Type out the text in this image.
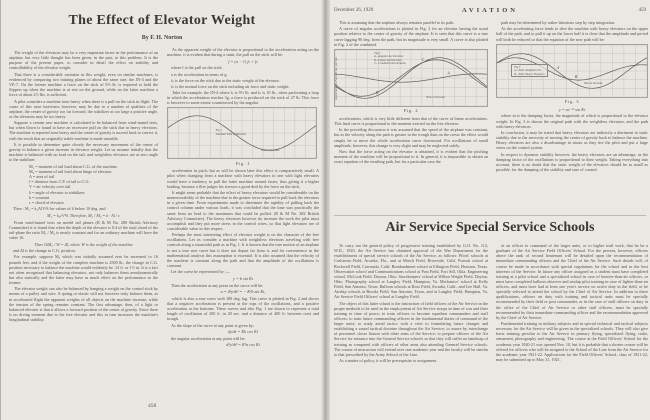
The Effect of Elevator Weight
By F. H. Norton

The weight of the elevators may be a very important factor in the performance of an airplane, but very little thought has been given, in the past, to this problem. It is the purpose of the present paper, to consider in detail the effect on stability and controllability of the elevator weight.

That there is a considerable variation in this weight, even on similar machines, is evidenced by comparing two training planes of about the same size, the JN-4 and the VE-7. On the former machine a force on the stick of 9½ lb. is required to hold the flippers up when the machine is at rest on the ground, while on the latter machine a force of about 2½ lbs. is sufficient.

A pilot considers a machine nose heavy when there is a pull on the stick in flight. The cause of this nose heaviness however, may be due to a number of qualities of the airplane, the center of gravity too far forward, the stabilizer at too large a positive angle, or the elevators may be too heavy.

Suppose a certain new machine is calculated to be balanced from wind-tunnel tests, but when flown is found to have an excessive pull on the stick due to heavy elevators. The machine is reported nose heavy and the center of gravity is moved back to correct it, with the result that an originally stable machine is made unstable.

It is possible to determine quite closely the necessary movement of the center of gravity to balance a given increase in elevator weight. Let us assume initially that the machine is balanced with no load on the tail, and weightless elevators are at zero angle to the stabilizer.

M₁ = moment of tail load about C.G. of the machine.
M₂ = moment of tail load about hinge of elevator.
A = area of tail
l = distance from C.P. of tail to C.G.
V = air velocity over tail
δ = angle of elevator to stabilizer.
k = constant
c = chord of elevator
Then : M₁ = k₁AlV²δ for values of δ below 10 deg. and
M₂ = k₂cV²δ. Therefore, M₁ / M₂ = k · Al / c

From wind-tunnel tests on model tail planes (R & M No. 280 British Advisory Committee) it is found that when the depth of the elevator is 0.4 of the total chord of the tail-plane the ratio M₁ / M₂ is nearly constant and for an ordinary machine will have the value 16.

Then 16M₂ / W = Δl, where W is the weight of the machine
and Δl is the change in C.G. position.

For example, suppose M₂ which was initially assumed zero be increased to 16 pounds feet, and if the weight of the complete machine is 2500 lb., the change in C.G. position necessary to balance the machine would evidently be .12 ft. or 1½ in. It is a fact not often recognized that balancing elevators, not only balances them aerodynamically but also statically and the latter may have as much effect on the performance as the former.

The elevator weight can also be balanced by hanging a weight on the control stick by means of a pulley and wire. A spring or elastic will not however truly balance them, as in accelerated flight the apparent weights of all objects on the machine increase, while the tension of the spring remains constant. The first advantage, then, of a light or balanced elevator is that it allows a forward position of the center of gravity. Since there is no diving moment due to the free elevator and this in turn increases the machine's longitudinal stability.

As the apparent weight of the elevator is proportional to the acceleration acting on the machine, it is evident that during a stunt, the pull on the stick will be:

f = (a − 1) fₛ + fₙ
where f is the pull on the stick.
a is the acceleration in terms of g.
fₛ is the force on the stick due to the static weight of the elevator.
fₙ is the normal force on the stick including air force and static weight.

Take for example, the JN-4 where fₛ is 9½ lb. and fₙ is 10 lb., when performing a loop in which the acceleration reaches 3g, a force is produced on the stick of 27 lb. This force is however to some extent counteracted by the angular

Fig 1
Standard Path of Machine
Time in Seconds
Fig. 1

acceleration in pitch, but as will be shown later this effect is comparatively small. A pilot when changing from a machine with heavy elevators to one with light elevators would have a tendency to pull the latter machine around faster, thus giving it a higher loading, because a flier judges his stresses a good deal by the force on the stick.

It might seem probable that the effect of heavy elevators would be considerable on the maneuverability of the machine due to the greater force required to pull back the elevators in a given time. From experiments made to determine the rapidity of pulling back the control column under various loads, it was concluded that the time was practically the same from no load to the maximum that could be pulled. (R & M No. 282 British Advisory Committee). The heavy elevators however do increase the work the pilot must accomplish and they put more stress in the control wires, so that light elevators are of considerable value in this respect.

Perhaps the most interesting effect of elevator weight is on the character of the free oscillations. Let us consider a machine with weightless elevators traveling with free controls along a sinusoidal path as in Fig. 1. It is known that the true motion of an airplane is not a true sine curve but it does not depart far from it, and for convenience in the mathematical analysis this assumption is essential. It is also assumed that the velocity of the machine is constant along the path and that the amplitude of the oscillations is constant.

Let the curve be represented by :—
y = b sin Kt
Then the acceleration at any point on the curve will be:
a = d²y/dt² = − K²b sin Kt,

which is also a sine curve with 180 deg. lag. This curve is plotted in Fig. 2 and shows that a negative acceleration is present at the tops of the oscillations, and a positive acceleration at the bottoms. These curves and also Fig. 1 are drawn to represent a total length of oscillation of 200 ft. in 20 sec. and a distance of 400 ft. between crest and trough.

As the slope of the curve at any point is given by:
dy/dt = Kb cos Kt
the angular acceleration at any point will be:
d²y/dt² = K²a cos Kt
458
December 26, 1920	AVIATION	459

This is assuming that the airplane always remains parallel to its path.

A curve of angular accelerations is plotted in Fig. 2 for an elevator having the usual position relative to the center of gravity of the airplane. It is seen that this curve is a sine curve lagging 90 deg. from the path, but its magnitude is very small. A curve is also plotted in Fig. 2 of the combined

B
C
A
Fig 2
A—Angular Acceleration
B—Linear Acceleration
C—Combined Acceleration
Acceleration in Feet per Sec. per Sec.	Time in Seconds
Fig. 2

accelerations, which is very little different from that of the curve of linear accelerations. This final curve is proportional to the moment exerted on the free elevator.

In the preceding discussion it was assumed that the speed of the airplane was constant, but as the velocity along the path is greater in the trough than on the crests the effect would simply be to move the whole acceleration curve downward. For oscillations of small amplitude, however, this change is very slight and may be neglected safely.

Now that the force acting on the elevator is obtained, it is evident that the pitching moment of the machine will be proportional to it. In general, it is impossible to obtain an exact equation of the resulting path, but for a particular case the

path may be determined by rather laborious step by step integration.

As the accelerating force tends to dive the machine with heavy elevators on the upper half of the path, and to pull it up on the lower half it is clear that the amplitude and period will both be reduced so that the equation of the new path will be:

A
B
Fig 3
A—Path, Weightless El.
B—Path, Heavy Elevators
Time in Seconds
Fig. 3
y = ae⁻ᵐᵗ sin Kt

where m is the damping factor, the magnitude of which is proportional to the elevator weight. In Fig. 3 is shown the original path with the weightless elevators, and the path with heavy elevators.

In conclusion, it may be stated that heavy elevators are indirectly a detriment to static stability due to the necessity of moving the center of gravity back to balance the machine. Heavy elevators are also a disadvantage in stunts as they tire the pilot and put a large stress on the control system.

In respect to dynamic stability however, the heavy elevators are an advantage, as the damping factor of the oscillations is proportional to their weight. Taking everything into account, there is no doubt that the static weight of the elevators should be as small as possible, for the damping of the stability and ease of control.

Air Service Special Service Schools

To carry out the general policy of progressive training established by G.O. No. 112, W.D., 1920, the Air Service has obtained approval of the War Department for the establishment of special service schools of the Air Service, as follows: Pilots' schools at Carlstrom Field, Arcadia, Fla., and at March Field, Riverside, Calif. Pursuit school at Rockwell Field, Coronado, Calif. Bombardment school at Ellington Field, Houston, Texas. Observation school and Communications school at Post Field, Fort Sill, Okla. Engineering school, McCook Field, Dayton, Ohio. Storekeepers' school at Wilbur Wright Field, Dayton, Ohio. Photography school at Langley Field, Hampton, Va. Mechanics' school at Kelly Field, San Antonio, Texas. Balloon schools at Ross Field, Arcadia, Calif., and Lee Hall, Va. Airship schools at Brooks Field, San Antonio, Texas, and at Langley Field, Hampton, Va. Air Service Field Officers' school at Langley Field.

The object of this latter school is the instruction of field officers of the Air Service in the proper methods to be used in the employment of Air Service troops in time of war and their training in time of peace; to train officers to become squadron commanders and staff officers; to train future commanding officers in the fundamental duties of command of the larger units; to study aerial tactics with a view to formulating future changes and establishing a sound tactical doctrine throughout the Air Service; to assure by interchange of personnel closer liaison with other arms of the Service; to prepare officers of the Air Service for entrance into the General Service schools so that they will suffer no handicap of training as compared with officers of other arms also attending General Service schools. The course of instruction will extend over one academic year and the faculty will be similar to that prescribed by the Army School of the Line.

As a matter of policy, it will be prerequisite to assignment

of an officer to command of the larger units, or to higher staff work, that he be a graduate of the Air Service Field Officers' School. For the present, however, officers above the rank of second lieutenant will be detailed upon the recommendation of immediate commanding officers and the Chief of the Air Service. Such details will, of course be made in accordance with special regulations for the school and in the best interests of the Service. In future any officer assigned as a student must have completed training at a pilot school and a specialized school in case of heavier-than-air officers, or must have completed balloon observer and airship pilot training in case of lighter-than-air officers, and must have had at least one year's service on active duty in the field, or be specially selected to attend the school by the Chief of Air Service. In addition to these qualifications, officers on duty with training and tactical units must be specially recommended by their field or post commander, or in the case of staff officers on duty in the office of the Chief of Air Service or other staff officers, must be specially recommended by their immediate commanding officer and the recommendation approved by the Chief of Air Service.

Fundamental training in military subjects and in special technical and tactical subjects necessary for the Air Service will be given in the specialized schools. They will also give basic training peculiar to the Air Service in primary flying, specialized flying, radio, armament, photography and engineering. The course at the Field Officers' School for the academic year 1920-21 was opened Nov. 10, but it is probable that a shorter course will be offered for officers who will be assigned to the School of the Line from the Air Service for the academic year 1921-22. Applications for the Field Officers' School, class of 1921-22, may be submitted up to May 31, 1921.
